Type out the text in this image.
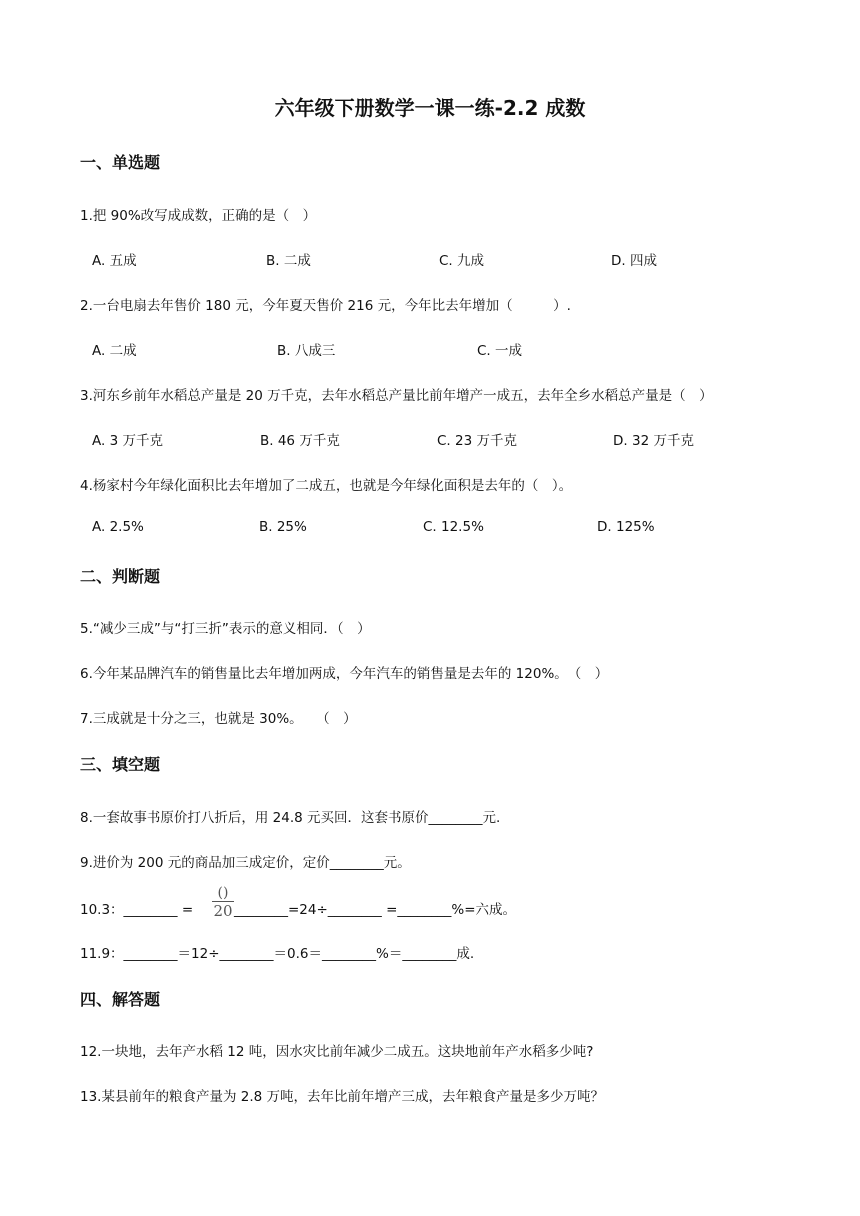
六年级下册数学一课一练-2.2 成数
一、单选题
1.把 90%改写成成数，正确的是（　）
A. 五成	B. 二成	C. 九成	D. 四成
2.一台电扇去年售价 180 元，今年夏天售价 216 元，今年比去年增加（　　　）.
A. 二成	B. 八成三	C. 一成
3.河东乡前年水稻总产量是 20 万千克，去年水稻总产量比前年增产一成五，去年全乡水稻总产量是（　）
A. 3 万千克	B. 46 万千克	C. 23 万千克	D. 32 万千克
4.杨家村今年绿化面积比去年增加了二成五，也就是今年绿化面积是去年的（　）。
A. 2.5%	B. 25%	C. 12.5%	D. 125%
二、判断题
5.“减少三成”与“打三折”表示的意义相同．（　）
6.今年某品牌汽车的销售量比去年增加两成，今年汽车的销售量是去年的 120%。　（　）
7.三成就是十分之三，也就是 30%。　　（　）
三、填空题
8.一套故事书原价打八折后，用 24.8 元买回．这套书原价________元.
9.进价为 200 元的商品加三成定价，定价________元。
10.3：________ =
()
20 ________=24÷________ =________%=六成。
11.9：________＝12÷________＝0.6＝________%＝________成.
四、解答题
12.一块地，去年产水稻 12 吨，因水灾比前年减少二成五。这块地前年产水稻多少吨?
13.某县前年的粮食产量为 2.8 万吨，去年比前年增产三成，去年粮食产量是多少万吨？
